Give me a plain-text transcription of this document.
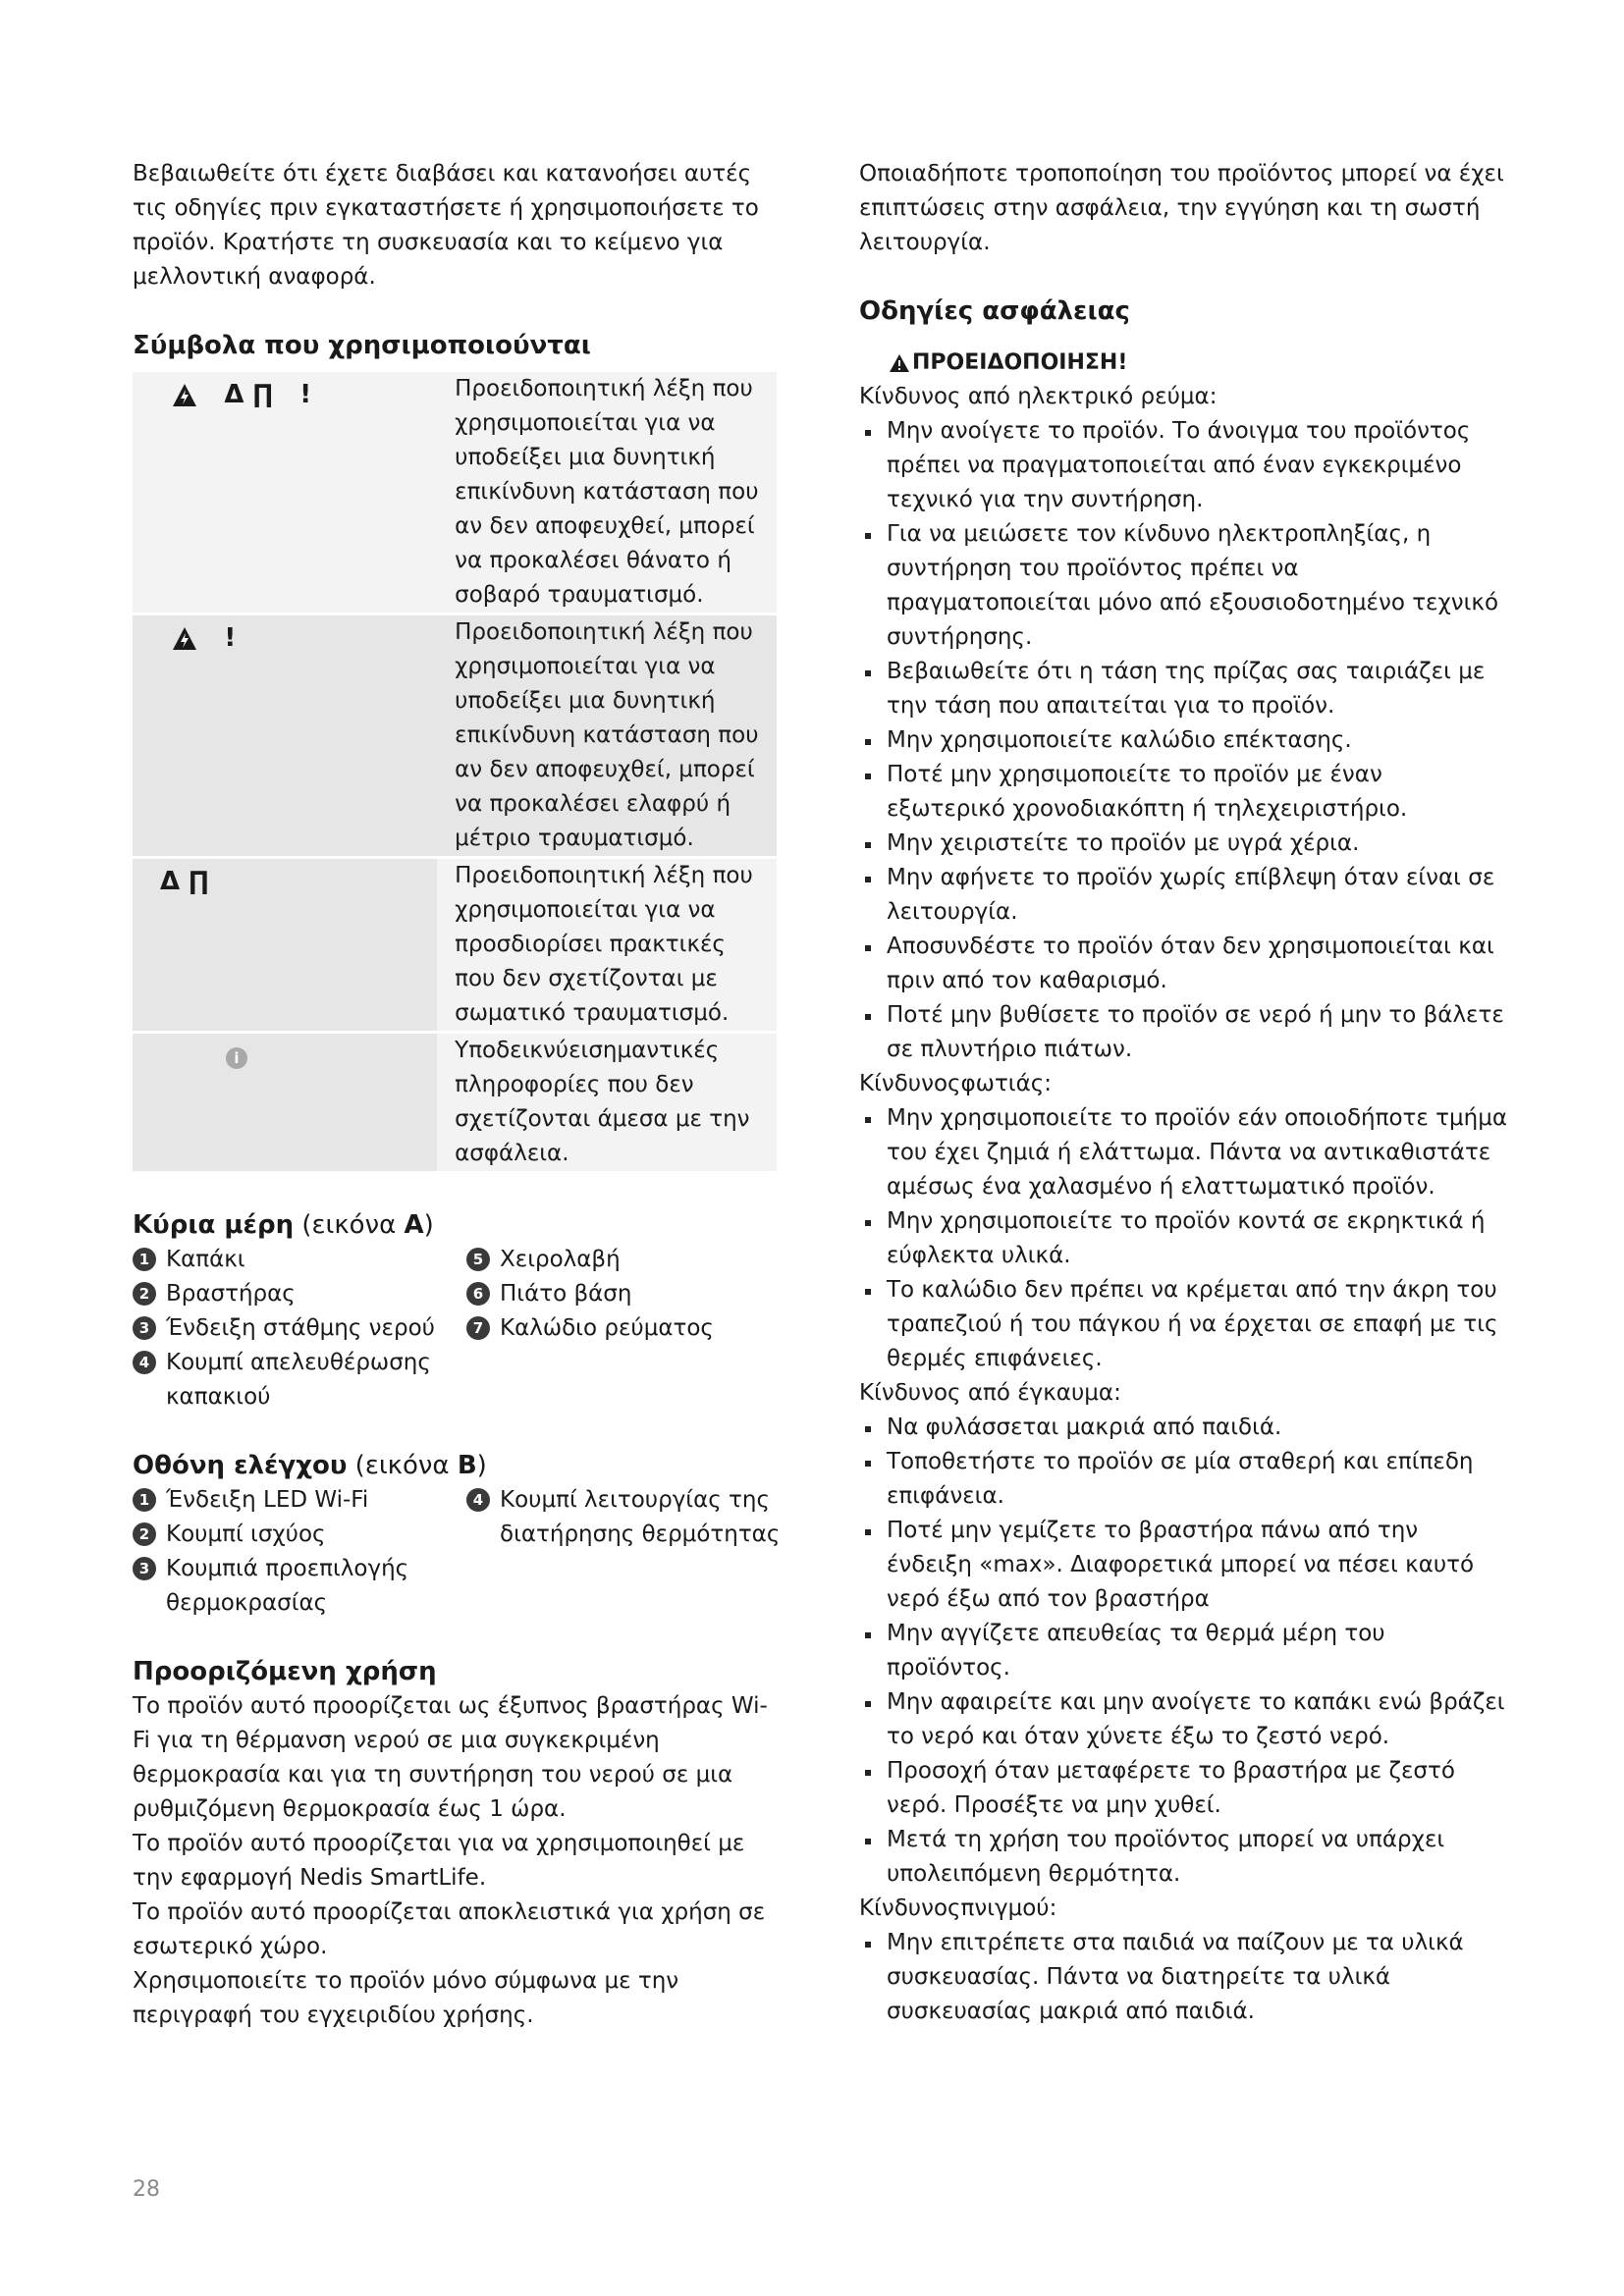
Βεβαιωθείτε ότι έχετε διαβάσει και κατανοήσει αυτές τις οδηγίες πριν εγκαταστήσετε ή χρησιμοποιήσετε το προϊόν. Κρατήστε τη συσκευασία και το κείμενο για μελλοντική αναφορά.

Σύμβολα που χρησιμοποιούνται
Δ ∏ !	Προειδοποιητική λέξη που χρησιμοποιείται για να υποδείξει μια δυνητική επικίνδυνη κατάσταση που αν δεν αποφευχθεί, μπορεί να προκαλέσει θάνατο ή σοβαρό τραυματισμό.

!	Προειδοποιητική λέξη που χρησιμοποιείται για να υποδείξει μια δυνητική επικίνδυνη κατάσταση που αν δεν αποφευχθεί, μπορεί να προκαλέσει ελαφρύ ή μέτριο τραυματισμό.

Δ ∏	Προειδοποιητική λέξη που χρησιμοποιείται για να προσδιορίσει πρακτικές που δεν σχετίζονται με σωματικό τραυματισμό.

i	Υποδεικνύεισημαντικές πληροφορίες που δεν σχετίζονται άμεσα με την ασφάλεια.

Κύρια μέρη (εικόνα A)
1 Καπάκι
2 Βραστήρας
3 Ένδειξη στάθμης νερού
4 Κουμπί απελευθέρωσης καπακιού
5 Χειρολαβή
6 Πιάτο βάση
7 Καλώδιο ρεύματος
Οθόνη ελέγχου (εικόνα B)
1 Ένδειξη LED Wi-Fi
2 Κουμπί ισχύος
3 Κουμπιά προεπιλογής θερμοκρασίας
4 Κουμπί λειτουργίας της διατήρησης θερμότητας
Προοριζόμενη χρήση

Το προϊόν αυτό προορίζεται ως έξυπνος βραστήρας Wi-Fi για τη θέρμανση νερού σε μια συγκεκριμένη θερμοκρασία και για τη συντήρηση του νερού σε μια ρυθμιζόμενη θερμοκρασία έως 1 ώρα.

Το προϊόν αυτό προορίζεται για να χρησιμοποιηθεί με την εφαρμογή Nedis SmartLife.

Το προϊόν αυτό προορίζεται αποκλειστικά για χρήση σε εσωτερικό χώρο.

Χρησιμοποιείτε το προϊόν μόνο σύμφωνα με την περιγραφή του εγχειριδίου χρήσης.

Οποιαδήποτε τροποποίηση του προϊόντος μπορεί να έχει επιπτώσεις στην ασφάλεια, την εγγύηση και τη σωστή λειτουργία.

Οδηγίες ασφάλειας
ΠΡΟΕΙΔΟΠΟΙΗΣΗ!

Κίνδυνος από ηλεκτρικό ρεύμα:

Μην ανοίγετε το προϊόν. Το άνοιγμα του προϊόντος πρέπει να πραγματοποιείται από έναν εγκεκριμένο τεχνικό για την συντήρηση.
Για να μειώσετε τον κίνδυνο ηλεκτροπληξίας, η συντήρηση του προϊόντος πρέπει να πραγματοποιείται μόνο από εξουσιοδοτημένο τεχνικό συντήρησης.
Βεβαιωθείτε ότι η τάση της πρίζας σας ταιριάζει με την τάση που απαιτείται για το προϊόν.
Μην χρησιμοποιείτε καλώδιο επέκτασης.
Ποτέ μην χρησιμοποιείτε το προϊόν με έναν εξωτερικό χρονοδιακόπτη ή τηλεχειριστήριο.
Μην χειριστείτε το προϊόν με υγρά χέρια.
Μην αφήνετε το προϊόν χωρίς επίβλεψη όταν είναι σε λειτουργία.
Αποσυνδέστε το προϊόν όταν δεν χρησιμοποιείται και πριν από τον καθαρισμό.
Ποτέ μην βυθίσετε το προϊόν σε νερό ή μην το βάλετε σε πλυντήριο πιάτων.

Κίνδυνοςφωτιάς:

Μην χρησιμοποιείτε το προϊόν εάν οποιοδήποτε τμήμα του έχει ζημιά ή ελάττωμα. Πάντα να αντικαθιστάτε αμέσως ένα χαλασμένο ή ελαττωματικό προϊόν.
Μην χρησιμοποιείτε το προϊόν κοντά σε εκρηκτικά ή εύφλεκτα υλικά.
Το καλώδιο δεν πρέπει να κρέμεται από την άκρη του τραπεζιού ή του πάγκου ή να έρχεται σε επαφή με τις θερμές επιφάνειες.

Κίνδυνος από έγκαυμα:

Να φυλάσσεται μακριά από παιδιά.
Τοποθετήστε το προϊόν σε μία σταθερή και επίπεδη επιφάνεια.
Ποτέ μην γεμίζετε το βραστήρα πάνω από την ένδειξη «max». Διαφορετικά μπορεί να πέσει καυτό νερό έξω από τον βραστήρα
Μην αγγίζετε απευθείας τα θερμά μέρη του προϊόντος.
Μην αφαιρείτε και μην ανοίγετε το καπάκι ενώ βράζει το νερό και όταν χύνετε έξω το ζεστό νερό.
Προσοχή όταν μεταφέρετε το βραστήρα με ζεστό νερό. Προσέξτε να μην χυθεί.
Μετά τη χρήση του προϊόντος μπορεί να υπάρχει υπολειπόμενη θερμότητα.

Κίνδυνοςπνιγμού:

Μην επιτρέπετε στα παιδιά να παίζουν με τα υλικά συσκευασίας. Πάντα να διατηρείτε τα υλικά συσκευασίας μακριά από παιδιά.
28
